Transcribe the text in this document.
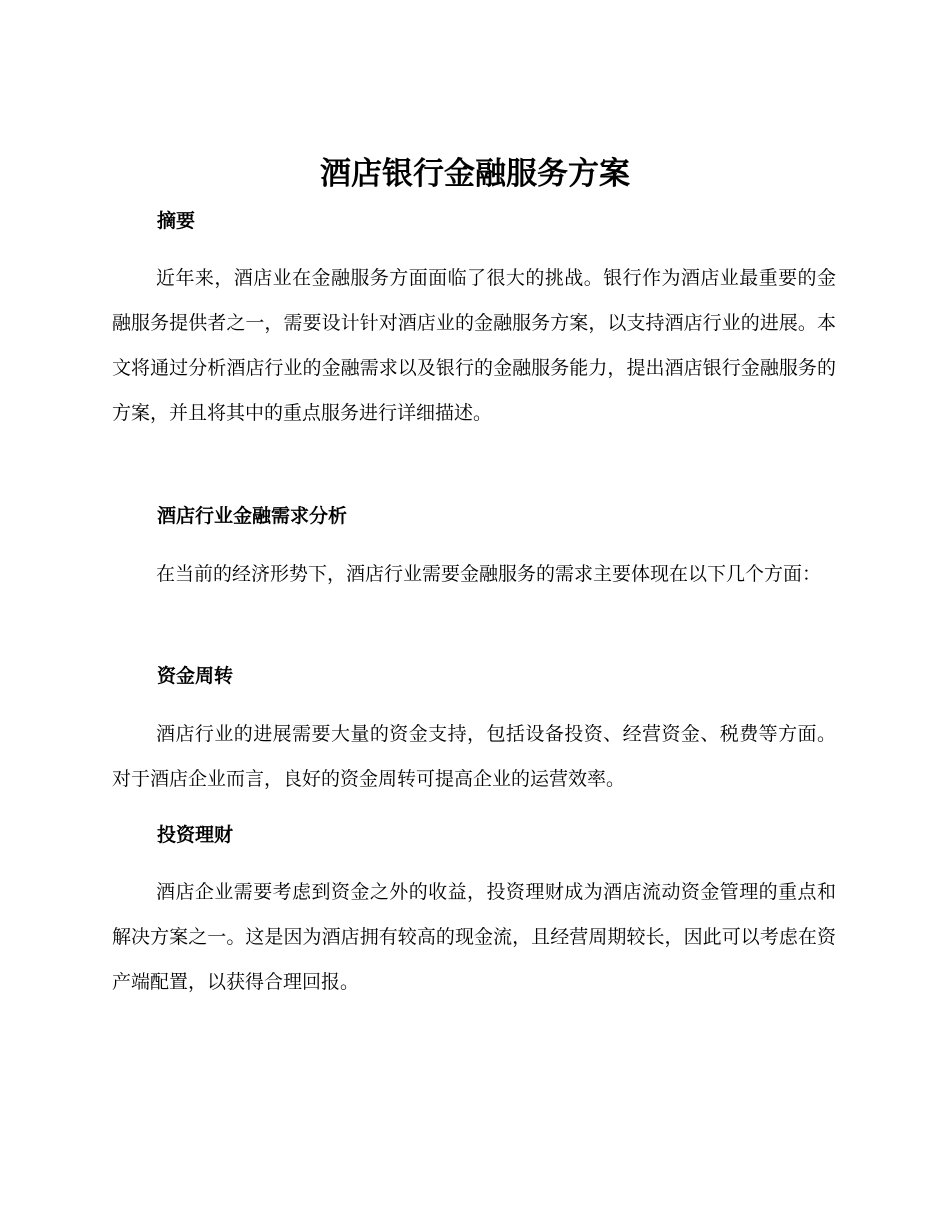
酒店银行金融服务方案
摘要

近年来，酒店业在金融服务方面面临了很大的挑战。银行作为酒店业最重要的金融服务提供者之一，需要设计针对酒店业的金融服务方案，以支持酒店行业的进展。本文将通过分析酒店行业的金融需求以及银行的金融服务能力，提出酒店银行金融服务的方案，并且将其中的重点服务进行详细描述。

酒店行业金融需求分析

在当前的经济形势下，酒店行业需要金融服务的需求主要体现在以下几个方面：

资金周转

酒店行业的进展需要大量的资金支持，包括设备投资、经营资金、税费等方面。对于酒店企业而言，良好的资金周转可提高企业的运营效率。

投资理财

酒店企业需要考虑到资金之外的收益，投资理财成为酒店流动资金管理的重点和解决方案之一。这是因为酒店拥有较高的现金流，且经营周期较长，因此可以考虑在资产端配置，以获得合理回报。
